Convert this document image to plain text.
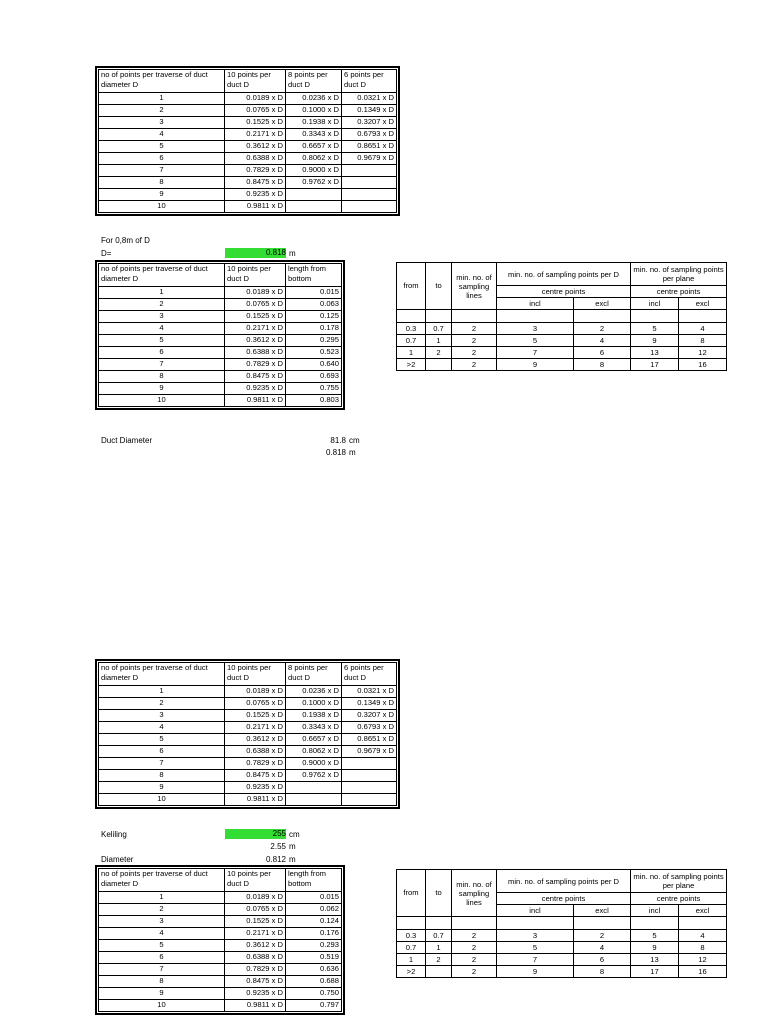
no of points per traverse of duct diameter D	10 points per duct D	8 points per duct D	6 points per duct D
1	0.0189 x D	0.0236 x D	0.0321 x D
2	0.0765 x D	0.1000 x D	0.1349 x D
3	0.1525 x D	0.1938 x D	0.3207 x D
4	0.2171 x D	0.3343 x D	0.6793 x D
5	0.3612 x D	0.6657 x D	0.8651 x D
6	0.6388 x D	0.8062 x D	0.9679 x D
7	0.7829 x D	0.9000 x D	
8	0.8475 x D	0.9762 x D	
9	0.9235 x D		
10	0.9811 x D		
For 0,8m of D
D=	0.818 m
no of points per traverse of duct diameter D	10 points per duct D	length from bottom
1	0.0189 x D	0.015
2	0.0765 x D	0.063
3	0.1525 x D	0.125
4	0.2171 x D	0.178
5	0.3612 x D	0.295
6	0.6388 x D	0.523
7	0.7829 x D	0.640
8	0.8475 x D	0.693
9	0.9235 x D	0.755
10	0.9811 x D	0.803
Duct Diameter	81.8 cm
0.818 m
from	to	min. no. of sampling lines	min. no. of sampling points per D		min. no. of sampling points per plane	
			centre points		centre points	
			incl	excl	incl	excl

0.3	0.7	2	3	2	5	4
0.7	1	2	5	4	9	8
1	2	2	7	6	13	12
>2		2	9	8	17	16
no of points per traverse of duct diameter D	10 points per duct D	8 points per duct D	6 points per duct D
1	0.0189 x D	0.0236 x D	0.0321 x D
2	0.0765 x D	0.1000 x D	0.1349 x D
3	0.1525 x D	0.1938 x D	0.3207 x D
4	0.2171 x D	0.3343 x D	0.6793 x D
5	0.3612 x D	0.6657 x D	0.8651 x D
6	0.6388 x D	0.8062 x D	0.9679 x D
7	0.7829 x D	0.9000 x D	
8	0.8475 x D	0.9762 x D	
9	0.9235 x D		
10	0.9811 x D		
Keliling	255 cm
2.55 m
Diameter	0.812 m
no of points per traverse of duct diameter D	10 points per duct D	length from bottom
1	0.0189 x D	0.015
2	0.0765 x D	0.062
3	0.1525 x D	0.124
4	0.2171 x D	0.176
5	0.3612 x D	0.293
6	0.6388 x D	0.519
7	0.7829 x D	0.636
8	0.8475 x D	0.688
9	0.9235 x D	0.750
10	0.9811 x D	0.797
from	to	min. no. of sampling lines	min. no. of sampling points per D		min. no. of sampling points per plane	
			centre points		centre points	
			incl	excl	incl	excl

0.3	0.7	2	3	2	5	4
0.7	1	2	5	4	9	8
1	2	2	7	6	13	12
>2		2	9	8	17	16
